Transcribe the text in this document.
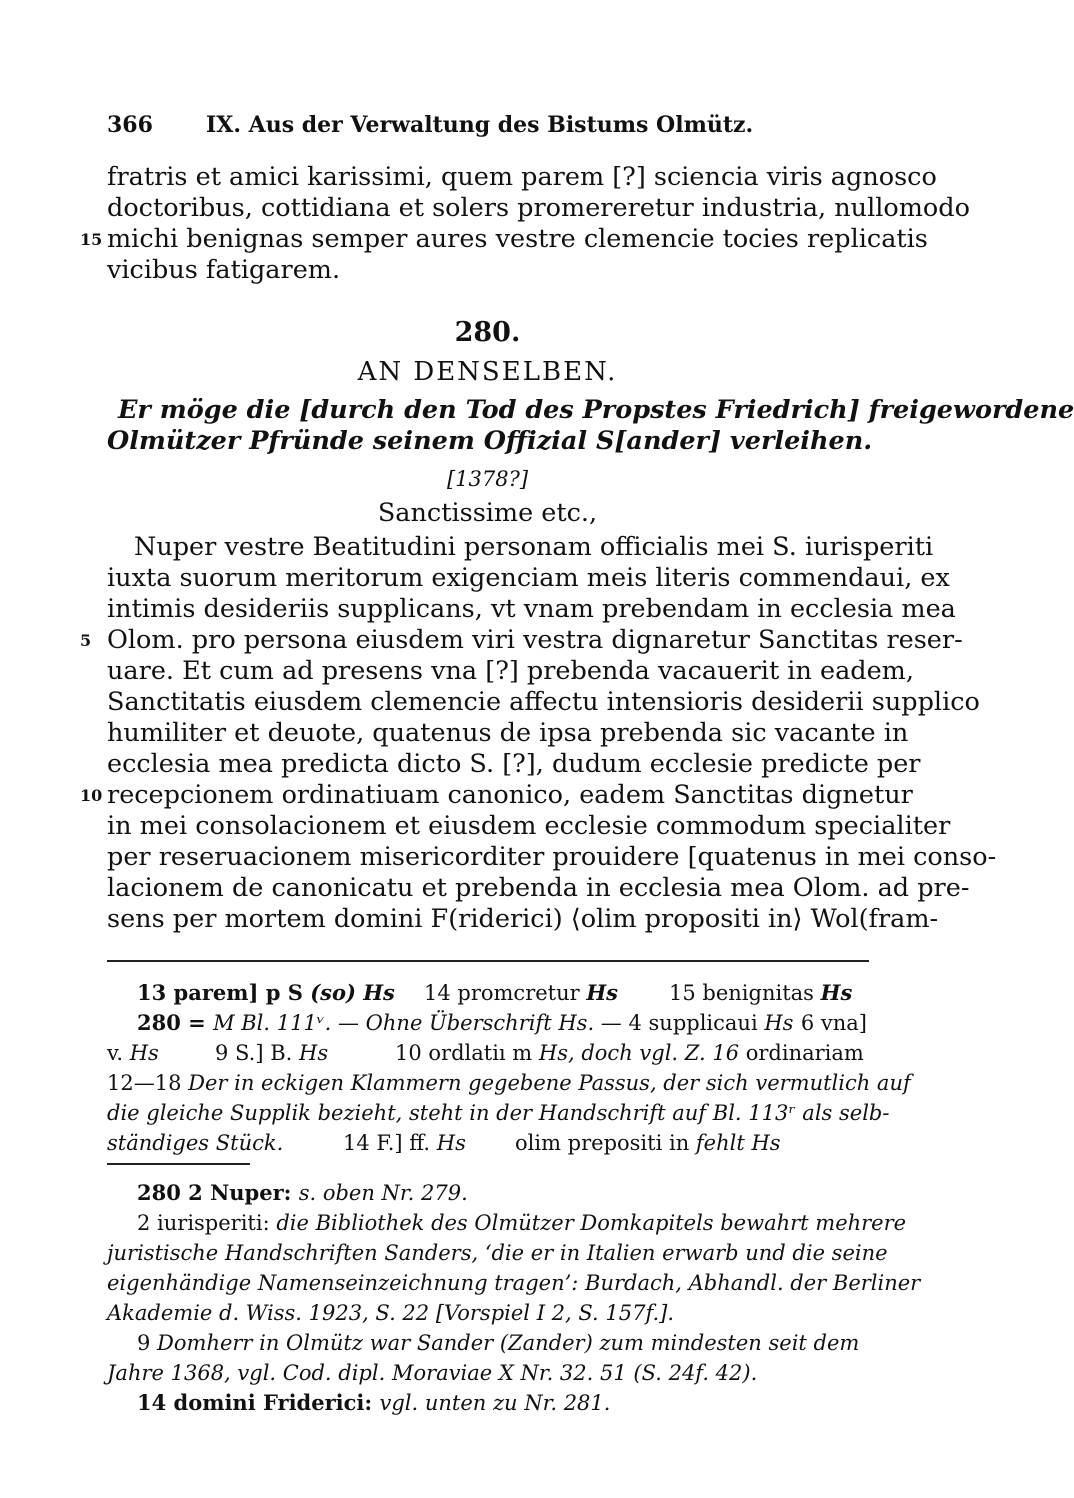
366 IX. Aus der Verwaltung des Bistums Olmütz.
fratris et amici karissimi, quem parem [?] sciencia viris agnosco
doctoribus, cottidiana et solers promereretur industria, nullomodo
15 michi benignas semper aures vestre clemencie tocies replicatis
vicibus fatigarem.
280.
AN DENSELBEN.
Er möge die [durch den Tod des Propstes Friedrich] freigewordene
Olmützer Pfründe seinem Offizial S[ander] verleihen.
[1378?]
Sanctissime etc.,
Nuper vestre Beatitudini personam officialis mei S. iurisperiti
iuxta suorum meritorum exigenciam meis literis commendaui, ex
intimis desideriis supplicans, vt vnam prebendam in ecclesia mea
5 Olom. pro persona eiusdem viri vestra dignaretur Sanctitas reser-
uare. Et cum ad presens vna [?] prebenda vacauerit in eadem,
Sanctitatis eiusdem clemencie affectu intensioris desiderii supplico
humiliter et deuote, quatenus de ipsa prebenda sic vacante in
ecclesia mea predicta dicto S. [?], dudum ecclesie predicte per
10 recepcionem ordinatiuam canonico, eadem Sanctitas dignetur
in mei consolacionem et eiusdem ecclesie commodum specialiter
per reseruacionem misericorditer prouidere [quatenus in mei conso-
lacionem de canonicatu et prebenda in ecclesia mea Olom. ad pre-
sens per mortem domini F(riderici) ⟨olim propositi in⟩ Wol(fram-
13 parem] p S (so) Hs 14 promcretur Hs 15 benignitas Hs
280 = M Bl. 111ᵛ. — Ohne Überschrift Hs. — 4 supplicaui Hs 6 vna]
v. Hs	9 S.] B. Hs	10 ordlatiı m Hs, doch vgl. Z. 16 ordinariam
12—18 Der in eckigen Klammern gegebene Passus, der sich vermutlich auf
die gleiche Supplik bezieht, steht in der Handschrift auf Bl. 113ʳ als selb-
ständiges Stück.	14 F.] ff. Hs olim prepositi in fehlt Hs
280 2 Nuper: s. oben Nr. 279.
2 iurisperiti: die Bibliothek des Olmützer Domkapitels bewahrt mehrere
juristische Handschriften Sanders, ‘die er in Italien erwarb und die seine
eigenhändige Namenseinzeichnung tragen’: Burdach, Abhandl. der Berliner
Akademie d. Wiss. 1923, S. 22 [Vorspiel I 2, S. 157f.].
9 Domherr in Olmütz war Sander (Zander) zum mindesten seit dem
Jahre 1368, vgl. Cod. dipl. Moraviae X Nr. 32. 51 (S. 24f. 42).
14 domini Friderici: vgl. unten zu Nr. 281.
